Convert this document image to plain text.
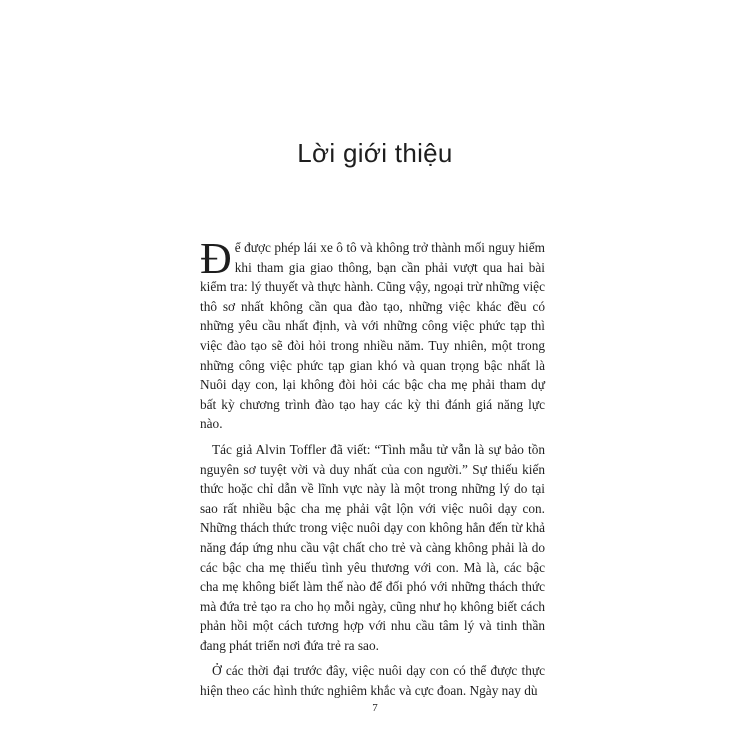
Lời giới thiệu

Để được phép lái xe ô tô và không trở thành mối nguy hiểm khi tham gia giao thông, bạn cần phải vượt qua hai bài kiểm tra: lý thuyết và thực hành. Cũng vậy, ngoại trừ những việc thô sơ nhất không cần qua đào tạo, những việc khác đều có những yêu cầu nhất định, và với những công việc phức tạp thì việc đào tạo sẽ đòi hỏi trong nhiều năm. Tuy nhiên, một trong những công việc phức tạp gian khó và quan trọng bậc nhất là Nuôi dạy con, lại không đòi hỏi các bậc cha mẹ phải tham dự bất kỳ chương trình đào tạo hay các kỳ thi đánh giá năng lực nào.

Tác giả Alvin Toffler đã viết: “Tình mẫu tử vẫn là sự bảo tồn nguyên sơ tuyệt vời và duy nhất của con người.” Sự thiếu kiến thức hoặc chỉ dẫn về lĩnh vực này là một trong những lý do tại sao rất nhiều bậc cha mẹ phải vật lộn với việc nuôi dạy con. Những thách thức trong việc nuôi dạy con không hẳn đến từ khả năng đáp ứng nhu cầu vật chất cho trẻ và càng không phải là do các bậc cha mẹ thiếu tình yêu thương với con. Mà là, các bậc cha mẹ không biết làm thế nào để đối phó với những thách thức mà đứa trẻ tạo ra cho họ mỗi ngày, cũng như họ không biết cách phản hồi một cách tương hợp với nhu cầu tâm lý và tinh thần đang phát triển nơi đứa trẻ ra sao.

Ở các thời đại trước đây, việc nuôi dạy con có thể được thực hiện theo các hình thức nghiêm khắc và cực đoan. Ngày nay dù

7
